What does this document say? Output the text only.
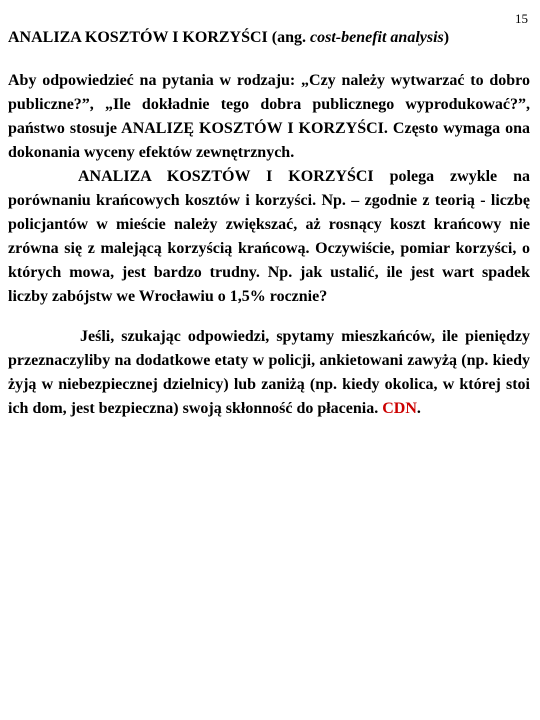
15
ANALIZA KOSZTÓW I KORZYŚCI (ang. cost-benefit analysis)

Aby odpowiedzieć na pytania w rodzaju: „Czy należy wytwarzać to dobro publiczne?”, „Ile dokładnie tego dobra publicznego wyprodukować?”, państwo stosuje ANALIZĘ KOSZTÓW I KORZYŚCI. Często wymaga ona dokonania wyceny efektów zewnętrznych.

ANALIZA KOSZTÓW I KORZYŚCI polega zwykle na porównaniu krańcowych kosztów i korzyści. Np. – zgodnie z teorią - liczbę policjantów w mieście należy zwiększać, aż rosnący koszt krańcowy nie zrówna się z malejącą korzyścią krańcową. Oczywiście, pomiar korzyści, o których mowa, jest bardzo trudny. Np. jak ustalić, ile jest wart spadek liczby zabójstw we Wrocławiu o 1,5% rocznie?

Jeśli, szukając odpowiedzi, spytamy mieszkańców, ile pieniędzy przeznaczyliby na dodatkowe etaty w policji, ankietowani zawyżą (np. kiedy żyją w niebezpiecznej dzielnicy) lub zaniżą (np. kiedy okolica, w której stoi ich dom, jest bezpieczna) swoją skłonność do płacenia. CDN.
